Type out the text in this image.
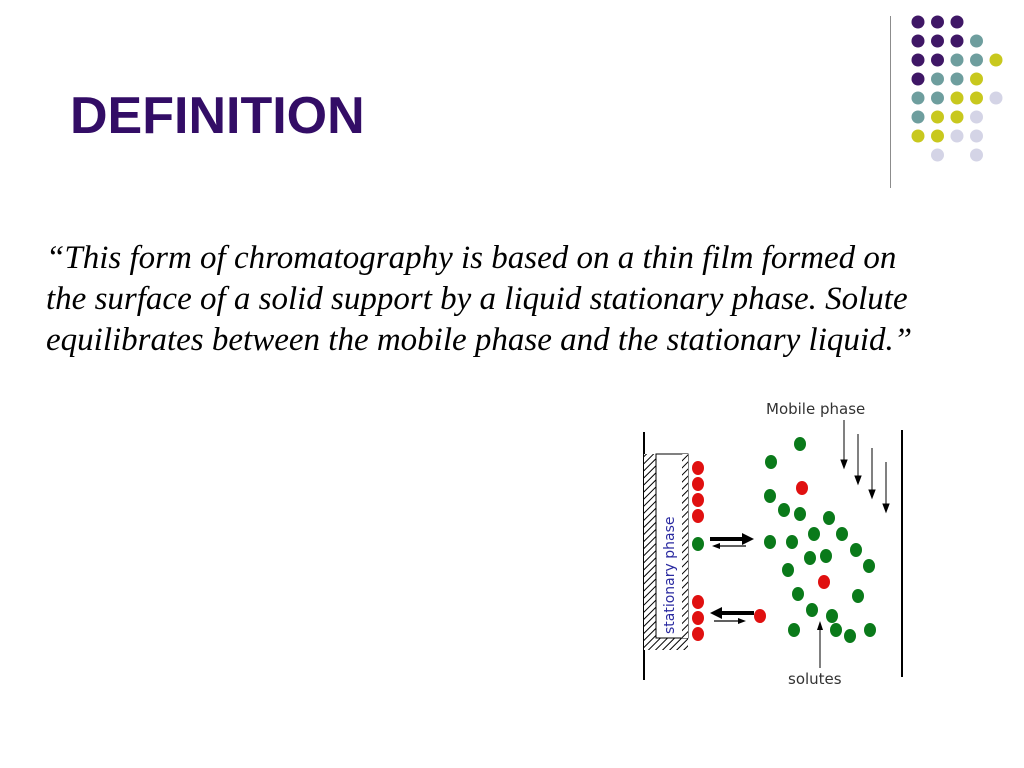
DEFINITION

“This form of chromatography is based on a thin film formed on the surface of a solid support by a liquid stationary phase. Solute equilibrates between the mobile phase and the stationary liquid.”

stationary phase
Mobile phase
solutes
